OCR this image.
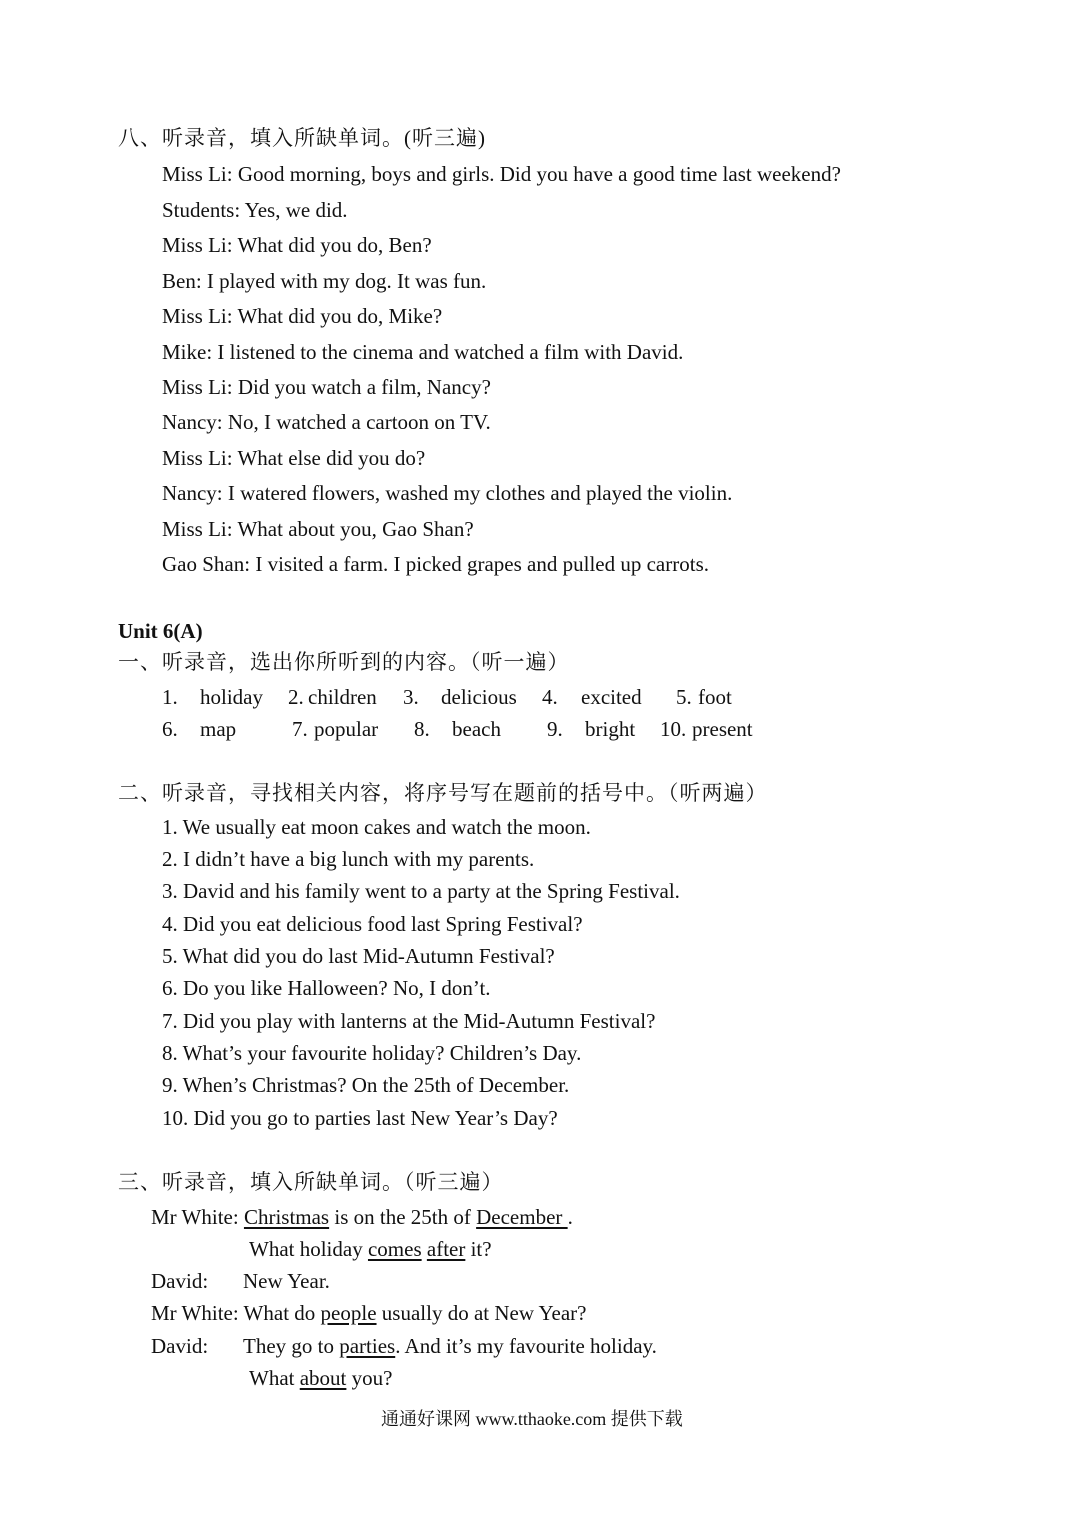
八、听录音，填入所缺单词。(听三遍)
Miss Li: Good morning, boys and girls. Did you have a good time last weekend?
Students: Yes, we did.
Miss Li: What did you do, Ben?
Ben: I played with my dog. It was fun.
Miss Li: What did you do, Mike?
Mike: I listened to the cinema and watched a film with David.
Miss Li: Did you watch a film, Nancy?
Nancy: No, I watched a cartoon on TV.
Miss Li: What else did you do?
Nancy: I watered flowers, washed my clothes and played the violin.
Miss Li: What about you, Gao Shan?
Gao Shan: I visited a farm. I picked grapes and pulled up carrots.
Unit 6(A)
一、听录音，选出你所听到的内容。（听一遍）
1. holiday 2. children 3. delicious 4. excited 5. foot
6. map	7. popular 8. beach 9. bright 10. present
二、听录音，寻找相关内容，将序号写在题前的括号中。（听两遍）
1. We usually eat moon cakes and watch the moon.
2. I didn’t have a big lunch with my parents.
3. David and his family went to a party at the Spring Festival.
4. Did you eat delicious food last Spring Festival?
5. What did you do last Mid-Autumn Festival?
6. Do you like Halloween? No, I don’t.
7. Did you play with lanterns at the Mid-Autumn Festival?
8. What’s your favourite holiday? Children’s Day.
9. When’s Christmas? On the 25th of December.
10. Did you go to parties last New Year’s Day?
三、听录音，填入所缺单词。（听三遍）
Mr White: Christmas is on the 25th of December .
What holiday comes after it?
David: New Year.
Mr White: What do people usually do at New Year?
David: They go to parties. And it’s my favourite holiday.
What about you?
通通好课网 www.tthaoke.com 提供下载
